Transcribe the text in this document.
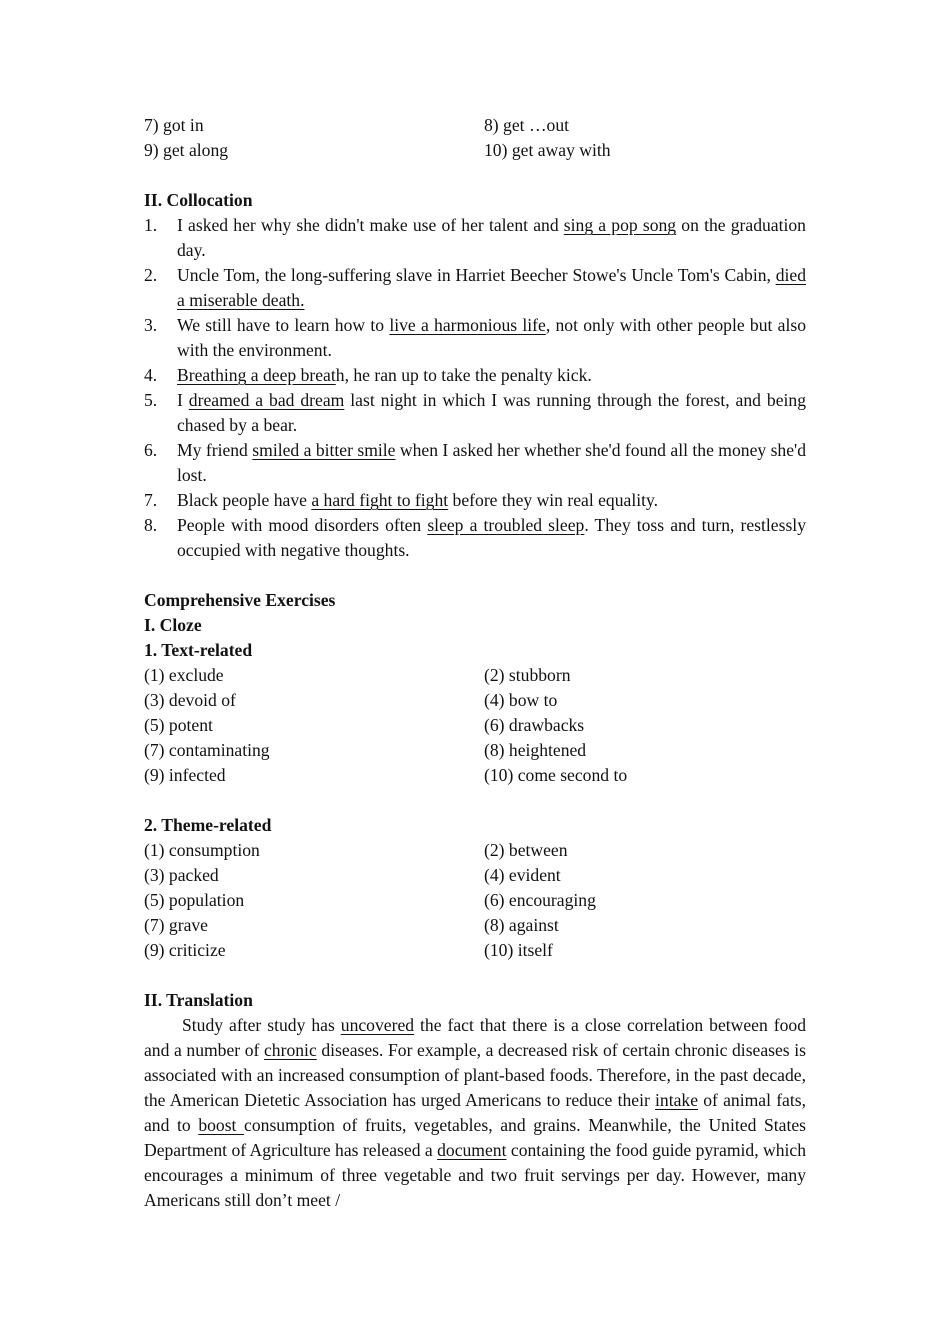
7) got in	8) get …out
9) get along	10) get away with
II. Collocation
1.	I asked her why she didn't make use of her talent and sing a pop song on the graduation day.
2.	Uncle Tom, the long-suffering slave in Harriet Beecher Stowe's Uncle Tom's Cabin, died a miserable death.
3.	We still have to learn how to live a harmonious life, not only with other people but also with the environment.
4.	Breathing a deep breath, he ran up to take the penalty kick.
5.	I dreamed a bad dream last night in which I was running through the forest, and being chased by a bear.
6.	My friend smiled a bitter smile when I asked her whether she'd found all the money she'd lost.
7.	Black people have a hard fight to fight before they win real equality.
8.	People with mood disorders often sleep a troubled sleep. They toss and turn, restlessly occupied with negative thoughts.
Comprehensive Exercises
I. Cloze
1. Text-related
(1) exclude	(2) stubborn
(3) devoid of	(4) bow to
(5) potent	(6) drawbacks
(7) contaminating	(8) heightened
(9) infected	(10) come second to
2. Theme-related
(1) consumption	(2) between
(3) packed	(4) evident
(5) population	(6) encouraging
(7) grave	(8) against
(9) criticize	(10) itself
II. Translation
Study after study has uncovered the fact that there is a close correlation between food and a number of chronic diseases. For example, a decreased risk of certain chronic diseases is associated with an increased consumption of plant-based foods. Therefore, in the past decade, the American Dietetic Association has urged Americans to reduce their intake of animal fats, and to boost consumption of fruits, vegetables, and grains. Meanwhile, the United States Department of Agriculture has released a document containing the food guide pyramid, which encourages a minimum of three vegetable and two fruit servings per day. However, many Americans still don’t meet /
